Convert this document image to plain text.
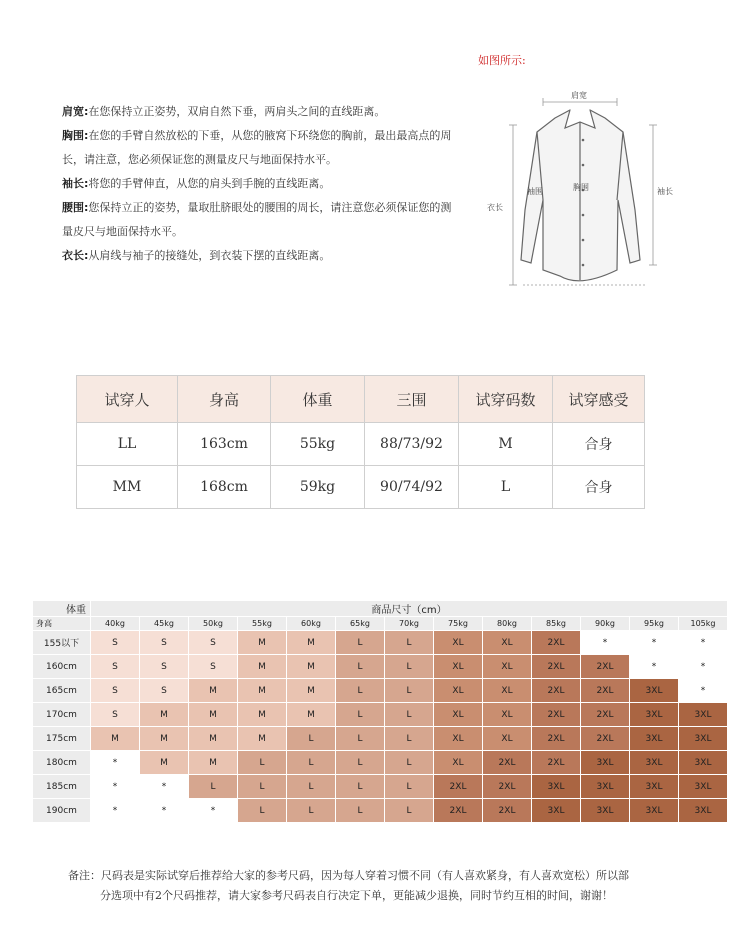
如图所示:

肩宽:在您保持立正姿势，双肩自然下垂，两肩头之间的直线距离。

胸围:在您的手臂自然放松的下垂，从您的腋窝下环绕您的胸前，最出最高点的周长，请注意，您必须保证您的测量皮尺与地面保持水平。

袖长:将您的手臂伸直，从您的肩头到手腕的直线距离。

腰围:您保持立正的姿势，量取肚脐眼处的腰围的周长，请注意您必须保证您的测量皮尺与地面保持水平。

衣长:从肩线与袖子的接缝处，到衣装下摆的直线距离。

肩宽
衣长
袖长
胸围
袖围
试穿人	身高	体重	三围	试穿码数	试穿感受
LL	163cm	55kg	88/73/92	M	合身
MM	168cm	59kg	90/74/92	L	合身
体重	商品尺寸（cm）												
身高	40kg	45kg	50kg	55kg	60kg	65kg	70kg	75kg	80kg	85kg	90kg	95kg	105kg
155以下	S	S	S	M	M	L	L	XL	XL	2XL	*	*	*
160cm	S	S	S	M	M	L	L	XL	XL	2XL	2XL	*	*
165cm	S	S	M	M	M	L	L	XL	XL	2XL	2XL	3XL	*
170cm	S	M	M	M	M	L	L	XL	XL	2XL	2XL	3XL	3XL
175cm	M	M	M	M	L	L	L	XL	XL	2XL	2XL	3XL	3XL
180cm	*	M	M	L	L	L	L	XL	2XL	2XL	3XL	3XL	3XL
185cm	*	*	L	L	L	L	L	2XL	2XL	3XL	3XL	3XL	3XL
190cm	*	*	*	L	L	L	L	2XL	2XL	3XL	3XL	3XL	3XL

备注：尺码表是实际试穿后推荐给大家的参考尺码，因为每人穿着习惯不同（有人喜欢紧身，有人喜欢宽松）所以部

分选项中有2个尺码推荐，请大家参考尺码表自行决定下单，更能减少退换，同时节约互相的时间，谢谢！
